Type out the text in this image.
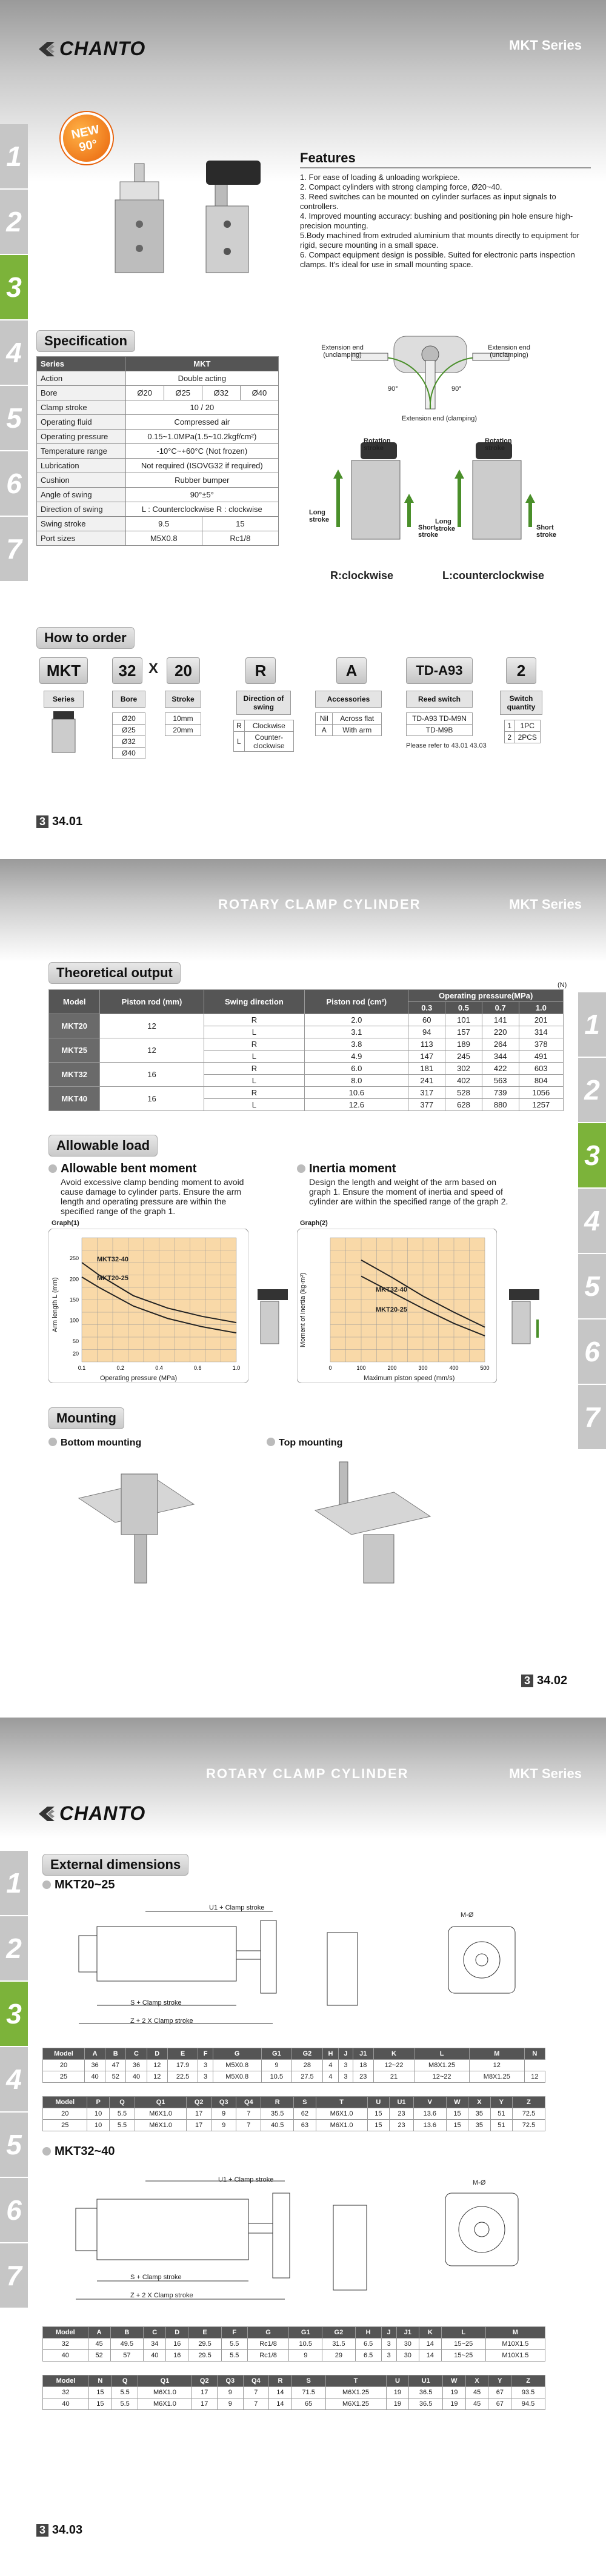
CHANTO	MKT Series
1
2
3
4
5
6
7
NEW
90°
Features
1. For ease of loading & unloading workpiece.
2. Compact cylinders with strong clamping force, Ø20~40.
3. Reed switches can be mounted on cylinder surfaces as input signals to controllers.
4. Improved mounting accuracy: bushing and positioning pin hole ensure high-precision mounting.
5.Body machined from extruded aluminium that mounts directly to equipment for rigid, secure mounting in a small space.
6. Compact equipment design is possible. Suited for electronic parts inspection clamps. It's ideal for use in small mounting space.
Specification
Series	MKT			
Action	Double acting			
Bore	Ø20	Ø25	Ø32	Ø40
Clamp stroke	10 / 20			
Operating fluid	Compressed air			
Operating pressure	0.15~1.0MPa(1.5~10.2kgf/cm²)			
Temperature range	-10°C~+60°C (Not frozen)			
Lubrication	Not required (ISOVG32 if required)			
Cushion	Rubber bumper			
Angle of swing	90°±5°			
Direction of swing	L : Counterclockwise R : clockwise			
Swing stroke	9.5		15	
Port sizes	M5X0.8		Rc1/8	
Extension end (unclamping)
Extension end (unclamping)
Extension end (clamping)
90°	90°
Rotation stroke
Rotation stroke
Long stroke
Short stroke
Long stroke	Short stroke
R:clockwise	L:counterclockwise
How to order
MKT	32 X	20	R	A	TD-A93	2
Series	Bore	Stroke	Direction of swing
Accessories	Reed switch	Switch quantity
Ø20
Ø25
Ø32
Ø40
10mm
20mm	R	Clockwise
L	Counter-clockwise
Nil	Across flat
A	With arm
TD-A93 TD-M9N
TD-M9B
Please refer to 43.01 43.03
1	1PC
2	2PCS
3 34.01
ROTARY CLAMP CYLINDER	MKT Series
1
2
3
4
5
6
7
Theoretical output
(N)
Model	Piston rod (mm)	Swing direction	Piston rod (cm²)	Operating pressure(MPa)			
				0.3	0.5	0.7	1.0
MKT20	12	R	2.0	60	101	141	201
		L	3.1	94	157	220	314
MKT25	12	R	3.8	113	189	264	378
		L	4.9	147	245	344	491
MKT32	16	R	6.0	181	302	422	603
		L	8.0	241	402	563	804
MKT40	16	R	10.6	317	528	739	1056
		L	12.6	377	628	880	1257
Allowable load
Allowable bent moment
Avoid excessive clamp bending moment to avoid cause damage to cylinder parts. Ensure the arm length and operating pressure are within the specified range of the graph 1.
Inertia moment
Design the length and weight of the arm based on graph 1. Ensure the moment of inertia and speed of cylinder are within the specified range of the graph 2.
Graph(1)	Graph(2)
0.1	0.2	0.4	0.6	1.0
20
50
100
150
200
250
Operating pressure (MPa)
Arm length L (mm)
MKT32-40
MKT20-25
0	100	200	300	400	500
Maximum piston speed (mm/s)
Moment of inertia (kg·m²)	MKT32-40
MKT20-25
Mounting
Bottom mounting	Top mounting
3 34.02
CHANTO
ROTARY CLAMP CYLINDER	MKT Series
1
2
3
4
5
6
7
External dimensions
MKT20~25
U1 + Clamp stroke
S + Clamp stroke
Z + 2 X Clamp stroke
M-Ø
Model	A	B	C	D	E	F	G	G1	G2	H	J	J1	K	L	M	N
20	36	47	36	12	17.9	3	M5X0.8	9	28	4	3	18	12~22	M8X1.25	12	
25	40	52	40	12	22.5	3	M5X0.8	10.5	27.5	4	3	23	21	12~22	M8X1.25	12
Model	P	Q	Q1	Q2	Q3	Q4	R	S	T	U	U1	V	W	X	Y	Z
20	10	5.5	M6X1.0	17	9	7	35.5	62	M6X1.0	15	23	13.6	15	35	51	72.5
25	10	5.5	M6X1.0	17	9	7	40.5	63	M6X1.0	15	23	13.6	15	35	51	72.5
MKT32~40
U1 + Clamp stroke
S + Clamp stroke
Z + 2 X Clamp stroke
M-Ø
Model	A	B	C	D	E	F	G	G1	G2	H	J	J1	K	L	M
32	45	49.5	34	16	29.5	5.5	Rc1/8	10.5	31.5	6.5	3	30	14	15~25	M10X1.5
40	52	57	40	16	29.5	5.5	Rc1/8	9	29	6.5	3	30	14	15~25	M10X1.5
Model	N	Q	Q1	Q2	Q3	Q4	R	S	T	U	U1	W	X	Y	Z
32	15	5.5	M6X1.0	17	9	7	14	71.5	M6X1.25	19	36.5	19	45	67	93.5
40	15	5.5	M6X1.0	17	9	7	14	65	M6X1.25	19	36.5	19	45	67	94.5
3 34.03
